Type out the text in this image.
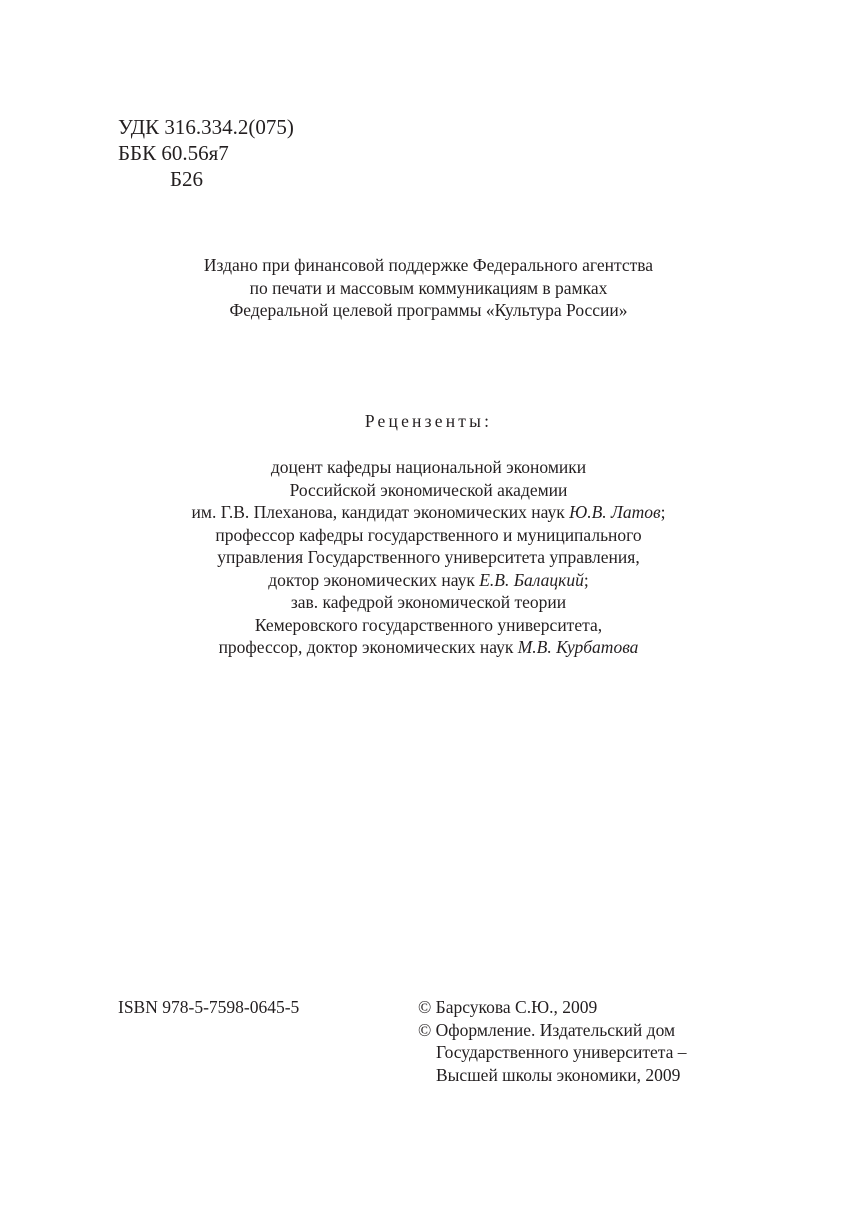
УДК 316.334.2(075)
ББК 60.56я7
Б26
Издано при финансовой поддержке Федерального агентства
по печати и массовым коммуникациям в рамках
Федеральной целевой программы «Культура России»
Рецензенты:
доцент кафедры национальной экономики
Российской экономической академии
им. Г.В. Плеханова, кандидат экономических наук Ю.В. Латов;
профессор кафедры государственного и муниципального
управления Государственного университета управления,
доктор экономических наук Е.В. Балацкий;
зав. кафедрой экономической теории
Кемеровского государственного университета,
профессор, доктор экономических наук М.В. Курбатова
ISBN 978-5-7598-0645-5	© Барсукова С.Ю., 2009
© Оформление. Издательский дом
Государственного университета –
Высшей школы экономики, 2009
